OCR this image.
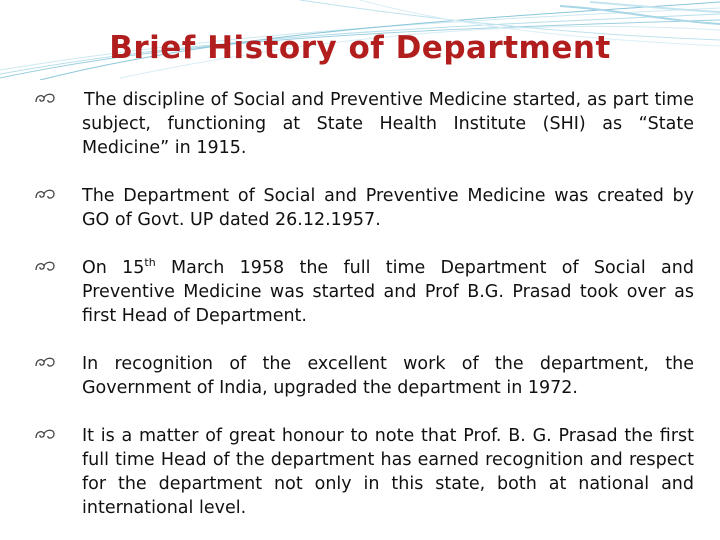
Brief History of Department
The discipline of Social and Preventive Medicine started, as part time subject, functioning at State Health Institute (SHI) as “State Medicine” in 1915.
The Department of Social and Preventive Medicine was created by GO of Govt. UP dated 26.12.1957.
On 15th March 1958 the full time Department of Social and Preventive Medicine was started and Prof B.G. Prasad took over as first Head of Department.
In recognition of the excellent work of the department, the Government of India, upgraded the department in 1972.
It is a matter of great honour to note that Prof. B. G. Prasad the first full time Head of the department has earned recognition and respect for the department not only in this state, both at national and international level.
